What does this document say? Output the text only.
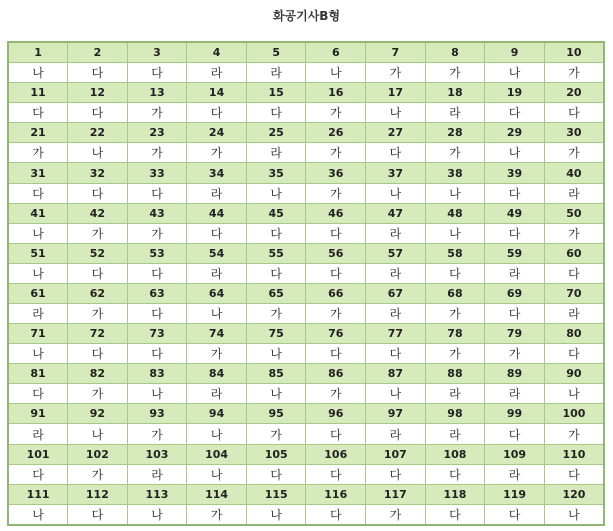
화공기사B형
1	2	3	4	5	6	7	8	9	10
나	다	다	라	라	나	가	가	나	가
11	12	13	14	15	16	17	18	19	20
다	다	가	다	다	가	나	라	다	다
21	22	23	24	25	26	27	28	29	30
가	나	가	가	라	가	다	가	나	가
31	32	33	34	35	36	37	38	39	40
다	다	다	라	나	가	나	나	다	라
41	42	43	44	45	46	47	48	49	50
나	가	가	다	다	다	라	나	다	가
51	52	53	54	55	56	57	58	59	60
나	다	다	라	다	다	라	다	라	다
61	62	63	64	65	66	67	68	69	70
라	가	다	나	가	가	라	가	다	라
71	72	73	74	75	76	77	78	79	80
나	다	다	가	나	다	다	가	가	다
81	82	83	84	85	86	87	88	89	90
다	가	나	라	나	가	나	라	라	나
91	92	93	94	95	96	97	98	99	100
라	나	가	나	가	다	라	라	다	가
101	102	103	104	105	106	107	108	109	110
다	가	라	나	다	다	다	다	라	다
111	112	113	114	115	116	117	118	119	120
나	다	나	가	나	다	가	다	다	나
